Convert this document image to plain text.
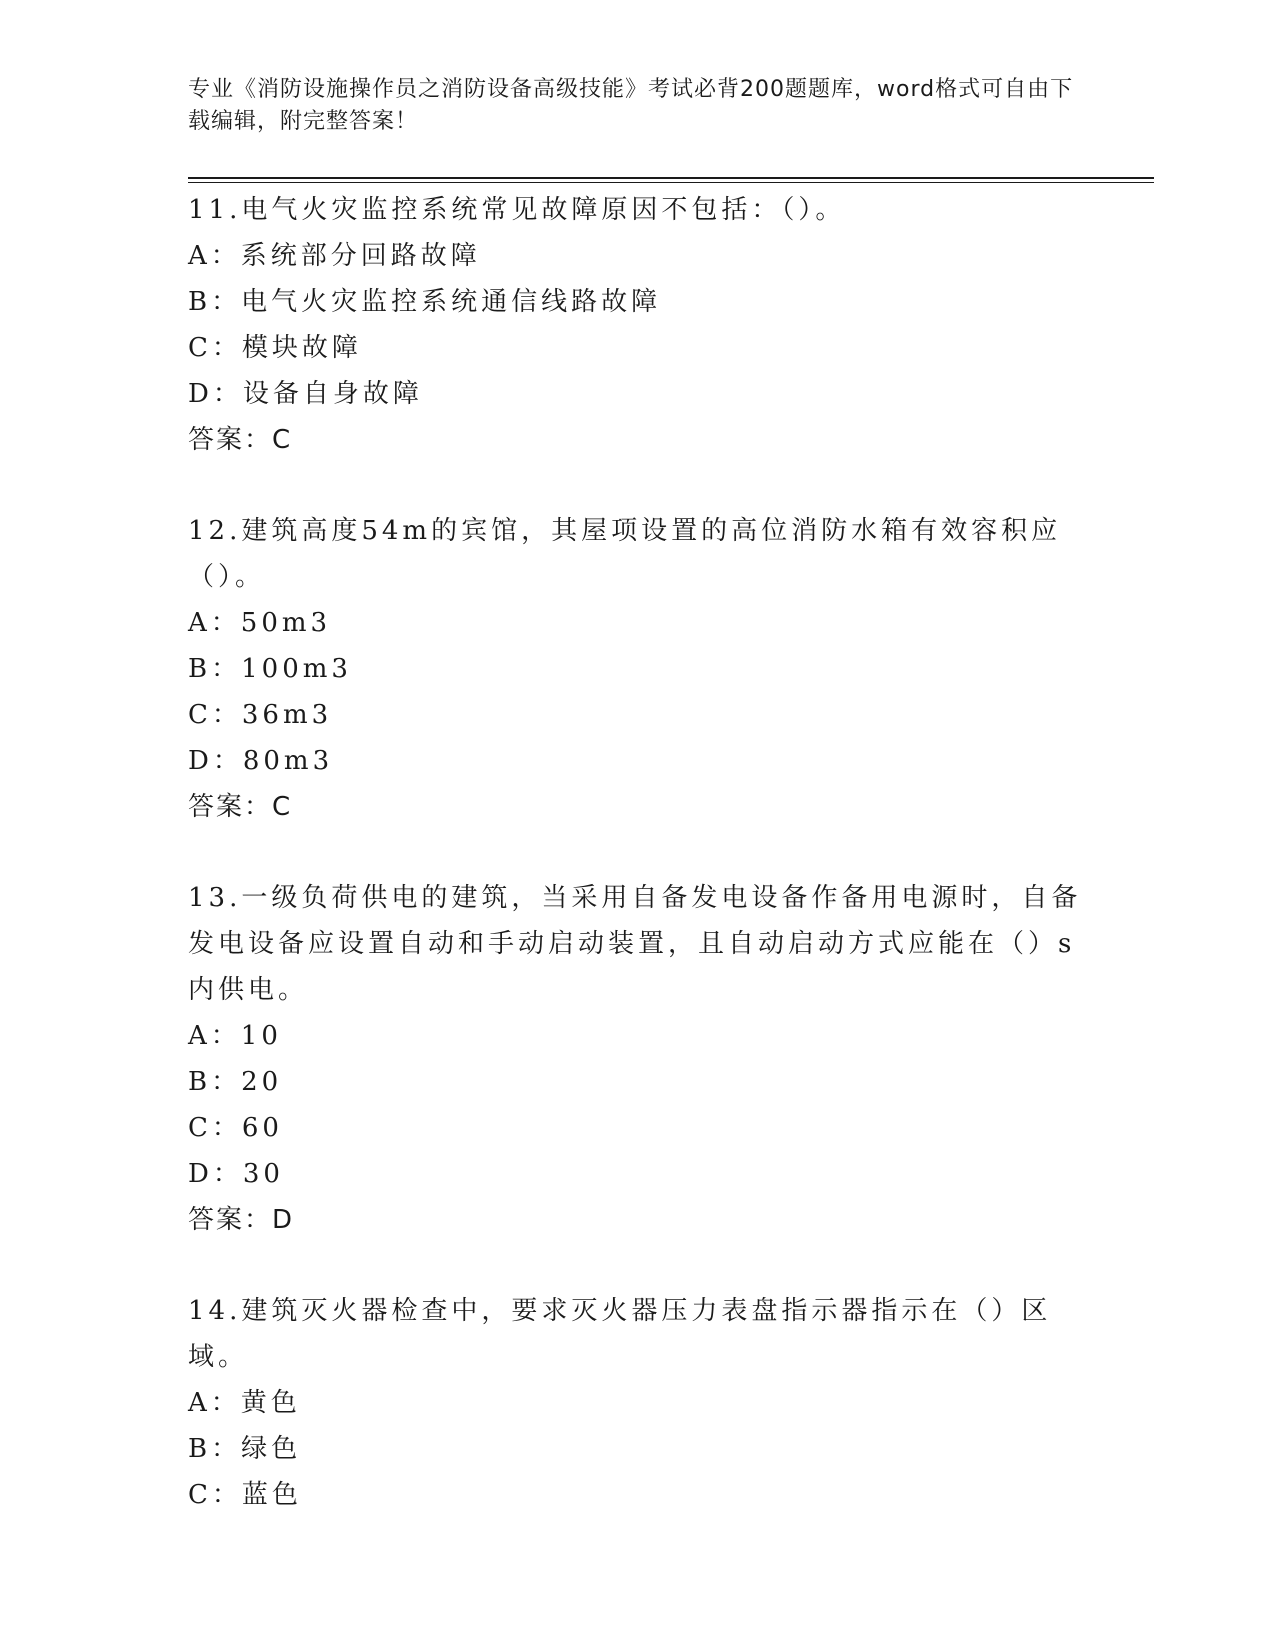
专业《消防设施操作员之消防设备高级技能》考试必背200题题库，word格式可自由下载编辑，附完整答案！
11.电气火灾监控系统常见故障原因不包括：（）。
A：系统部分回路故障
B：电气火灾监控系统通信线路故障
C：模块故障
D：设备自身故障
答案：C
12.建筑高度54m的宾馆，其屋项设置的高位消防水箱有效容积应（）。
A：50m3
B：100m3
C：36m3
D：80m3
答案：C
13.一级负荷供电的建筑，当采用自备发电设备作备用电源时，自备发电设备应设置自动和手动启动装置，且自动启动方式应能在（）s内供电。
A：10
B：20
C：60
D：30
答案：D
14.建筑灭火器检查中，要求灭火器压力表盘指示器指示在（）区域。
A：黄色
B：绿色
C：蓝色
